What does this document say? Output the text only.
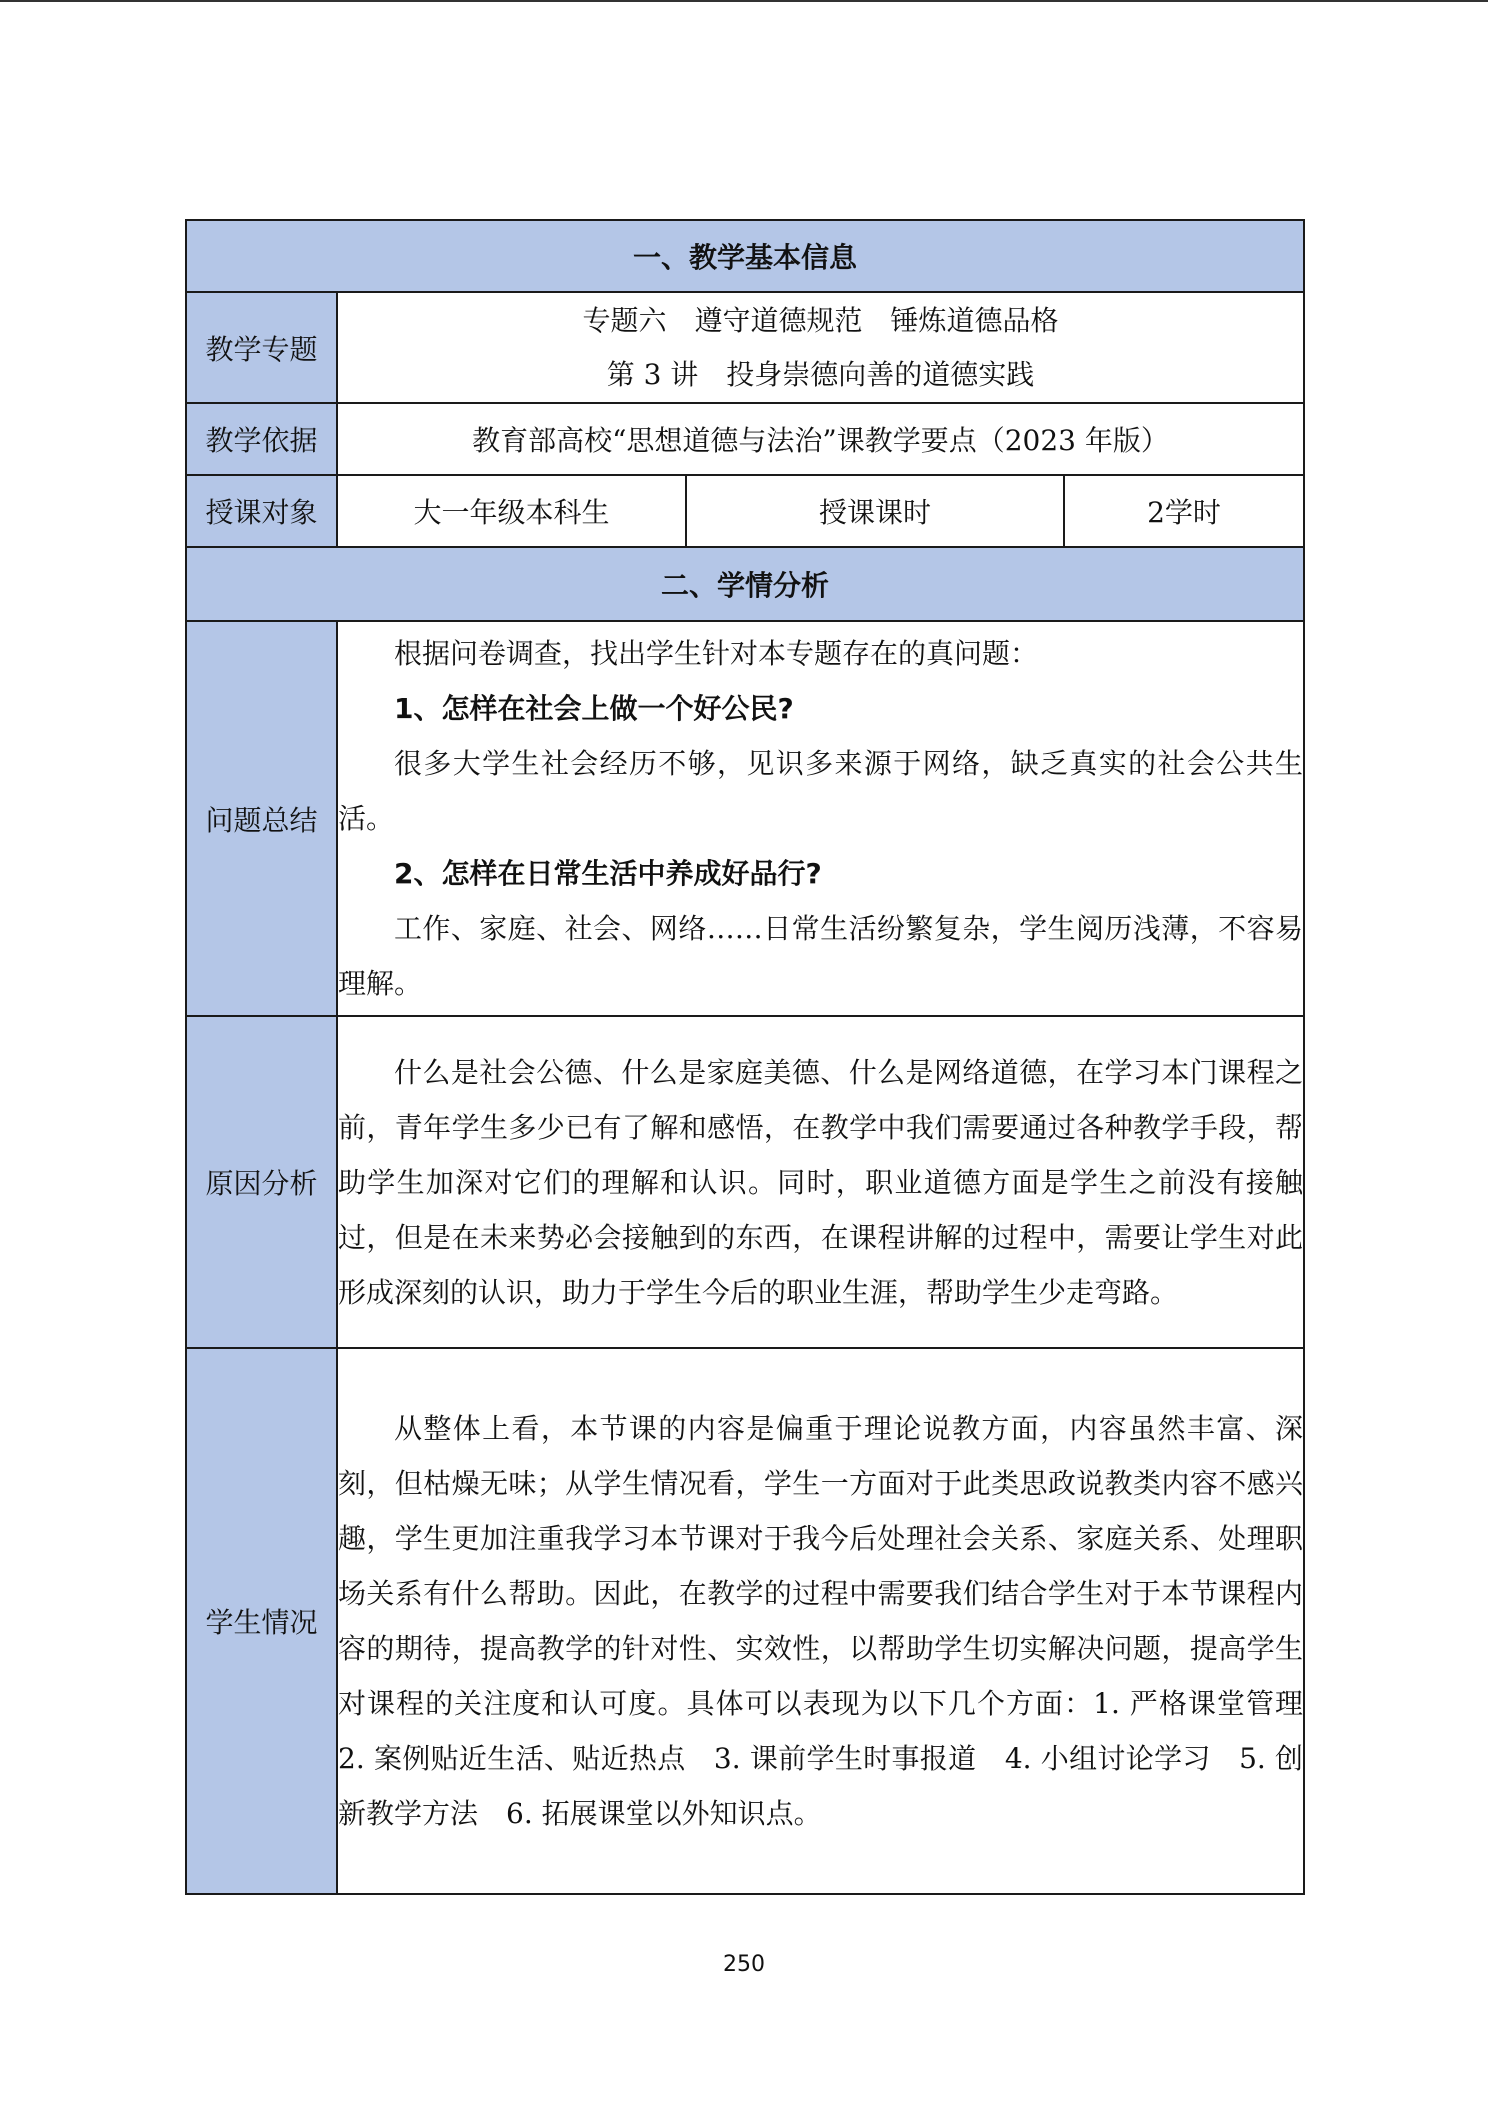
一、教学基本信息			
教学专题	专题六　遵守道德规范　锤炼道德品格
第 3 讲　投身崇德向善的道德实践		

教学依据	教育部高校“思想道德与法治”课教学要点（2023 年版）		
授课对象	大一年级本科生	授课课时	2学时
二、学情分析			
问题总结	根据问卷调查，找出学生针对本专题存在的真问题：
1、怎样在社会上做一个好公民?
很多大学生社会经历不够，见识多来源于网络，缺乏真实的社会公共生活。
2、怎样在日常生活中养成好品行?
工作、家庭、社会、网络……日常生活纷繁复杂，学生阅历浅薄，不容易理解。		

原因分析	什么是社会公德、什么是家庭美德、什么是网络道德，在学习本门课程之前，青年学生多少已有了解和感悟，在教学中我们需要通过各种教学手段，帮助学生加深对它们的理解和认识。同时，职业道德方面是学生之前没有接触过，但是在未来势必会接触到的东西，在课程讲解的过程中，需要让学生对此形成深刻的认识，助力于学生今后的职业生涯，帮助学生少走弯路。		

学生情况	从整体上看，本节课的内容是偏重于理论说教方面，内容虽然丰富、深刻，但枯燥无味；从学生情况看，学生一方面对于此类思政说教类内容不感兴趣，学生更加注重我学习本节课对于我今后处理社会关系、家庭关系、处理职场关系有什么帮助。因此，在教学的过程中需要我们结合学生对于本节课程内容的期待，提高教学的针对性、实效性，以帮助学生切实解决问题，提高学生对课程的关注度和认可度。具体可以表现为以下几个方面：1. 严格课堂管理　2. 案例贴近生活、贴近热点　3. 课前学生时事报道　4. 小组讨论学习　5. 创新教学方法　6. 拓展课堂以外知识点。		
250
